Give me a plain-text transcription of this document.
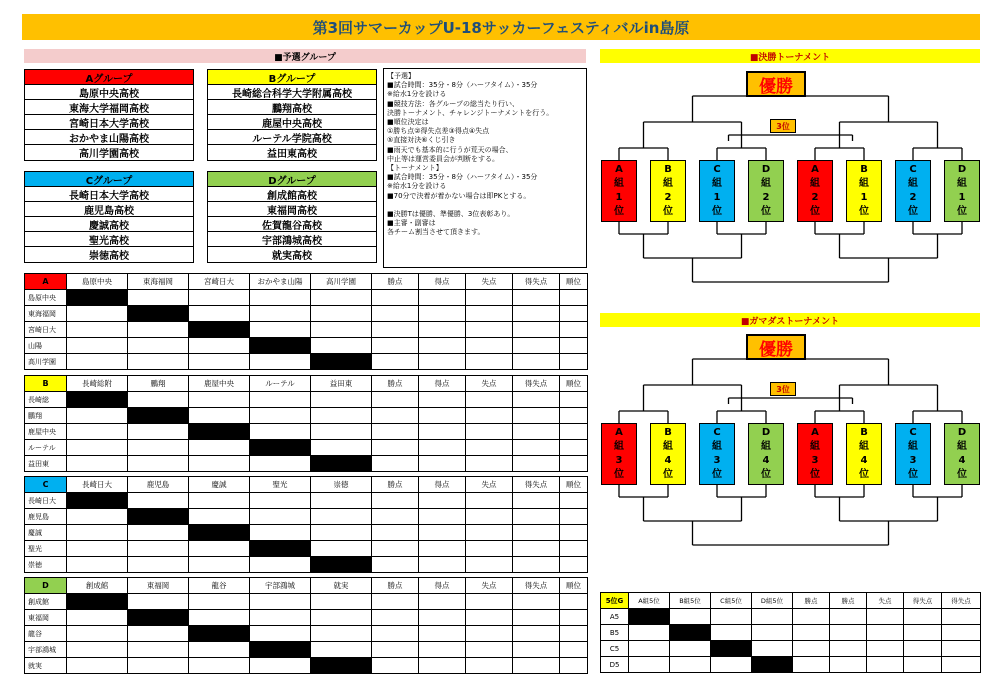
第3回サマーカップU-18サッカーフェスティバルin島原
■予選グループ	■決勝トーナメント
■ガマダストーナメント
Aグループ
島原中央高校
東海大学福岡高校
宮崎日本大学高校
おかやま山陽高校
高川学園高校
Bグループ
長崎総合科学大学附属高校
鵬翔高校
鹿屋中央高校
ルーテル学院高校
益田東高校
Cグループ
長崎日本大学高校
鹿児島高校
慶誠高校
聖光高校
崇徳高校
Dグループ
創成館高校
東福岡高校
佐賀龍谷高校
宇部鴻城高校
就実高校
【予選】
■試合時間：35分・8分（ハーフタイム）・35分
※給水1分を設ける
■競技方法：各グループの総当たり行い、
決勝トーナメント、チャレンジトーナメントを行う。
■順位決定は
①勝ち点②得失点差③得点④失点
⑤直接対決⑥くじ引き
■雨天でも基本的に行うが荒天の場合、
中止等は運営委員会が判断をする。
【トーナメント】
■試合時間：35分・8分（ハーフタイム）・35分
※給水1分を設ける
■70分で決着が着かない場合は即PKとする。

■決勝Tは優勝、準優勝、3位表彰あり。
■主審・副審は
各チーム割当させて頂きます。
A	島原中央	東海福岡	宮崎日大	おかやま山陽	高川学園	勝点	得点	失点	得失点	順位
島原中央										
東海福岡										
宮崎日大										
山陽										
高川学園										
B	長崎総附	鵬翔	鹿屋中央	ルーテル	益田東	勝点	得点	失点	得失点	順位
長崎総										
鵬翔										
鹿屋中央										
ルーテル										
益田東										
C	長崎日大	鹿児島	慶誠	聖光	崇徳	勝点	得点	失点	得失点	順位
長崎日大										
鹿児島										
慶誠										
聖光										
崇徳										
D	創成館	東福岡	龍谷	宇部鴻城	就実	勝点	得点	失点	得失点	順位
創成館										
東福岡										
龍谷										
宇部鴻城										
就実										
5位G	A組5位	B組5位	C組5位	D組5位	勝点	勝点	失点	得失点	得失点
A5									
B5									
C5									
D5									
優勝
3位
A
組
1
位
B
組
2
位
C
組
1
位
D
組
2
位
A
組
2
位
B
組
1
位
C
組
2
位
D
組
1
位
優勝
3位
A
組
3
位
B
組
4
位
C
組
3
位
D
組
4
位
A
組
3
位
B
組
4
位
C
組
3
位
D
組
4
位
